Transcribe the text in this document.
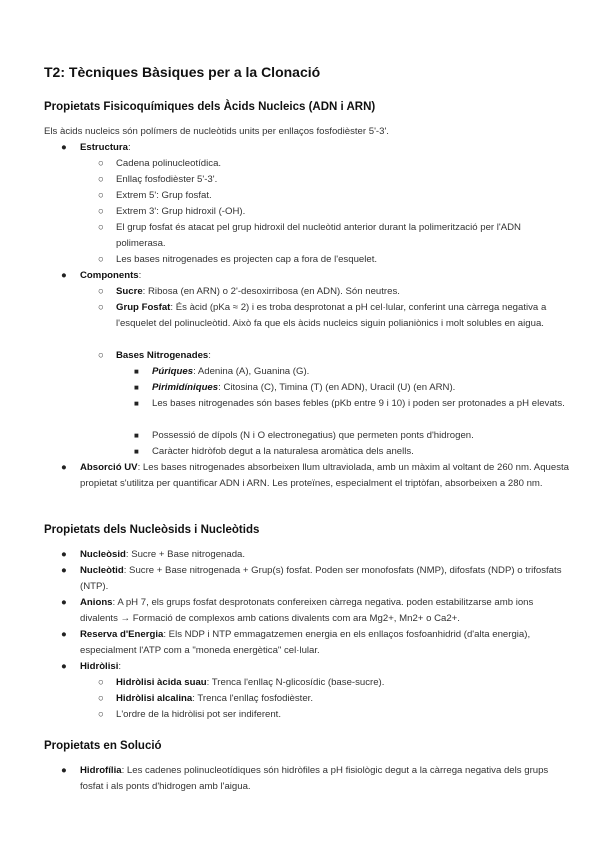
T2: Tècniques Bàsiques per a la Clonació
Propietats Fisicoquímiques dels Àcids Nucleics (ADN i ARN)
Els àcids nucleics són polímers de nucleòtids units per enllaços fosfodièster 5'-3'.
● Estructura:
○ Cadena polinucleotídica.
○ Enllaç fosfodièster 5'-3'.
○ Extrem 5': Grup fosfat.
○ Extrem 3': Grup hidroxil (-OH).
○ El grup fosfat és atacat pel grup hidroxil del nucleòtid anterior durant la polimerització per l'ADN polimerasa.
○ Les bases nitrogenades es projecten cap a fora de l'esquelet.
● Components:
○ Sucre: Ribosa (en ARN) o 2'-desoxirribosa (en ADN). Són neutres.
○ Grup Fosfat: És àcid (pKa ≈ 2) i es troba desprotonat a pH cel·lular, conferint una càrrega negativa a l'esquelet del polinucleòtid. Això fa que els àcids nucleics siguin polianiònics i molt solubles en aigua.
○ Bases Nitrogenades:
■ Púriques: Adenina (A), Guanina (G).
■ Pirimidíniques: Citosina (C), Timina (T) (en ADN), Uracil (U) (en ARN).
■ Les bases nitrogenades són bases febles (pKb entre 9 i 10) i poden ser protonades a pH elevats.
■ Possessió de dípols (N i O electronegatius) que permeten ponts d'hidrogen.
■ Caràcter hidròfob degut a la naturalesa aromàtica dels anells.
● Absorció UV: Les bases nitrogenades absorbeixen llum ultraviolada, amb un màxim al voltant de 260 nm. Aquesta propietat s'utilitza per quantificar ADN i ARN. Les proteïnes, especialment el triptòfan, absorbeixen a 280 nm.
Propietats dels Nucleòsids i Nucleòtids
● Nucleòsid: Sucre + Base nitrogenada.
● Nucleòtid: Sucre + Base nitrogenada + Grup(s) fosfat. Poden ser monofosfats (NMP), difosfats (NDP) o trifosfats (NTP).
● Anions: A pH 7, els grups fosfat desprotonats confereixen càrrega negativa. poden estabilitzarse amb ions divalents → Formació de complexos amb cations divalents com ara Mg2+, Mn2+ o Ca2+.
● Reserva d'Energia: Els NDP i NTP emmagatzemen energia en els enllaços fosfoanhidrid (d'alta energia), especialment l'ATP com a "moneda energètica" cel·lular.
● Hidròlisi:
○ Hidròlisi àcida suau: Trenca l'enllaç N-glicosídic (base-sucre).
○ Hidròlisi alcalina: Trenca l'enllaç fosfodièster.
○ L'ordre de la hidròlisi pot ser indiferent.
Propietats en Solució
● Hidrofília: Les cadenes polinucleotídiques són hidròfiles a pH fisiològic degut a la càrrega negativa dels grups fosfat i als ponts d'hidrogen amb l'aigua.
